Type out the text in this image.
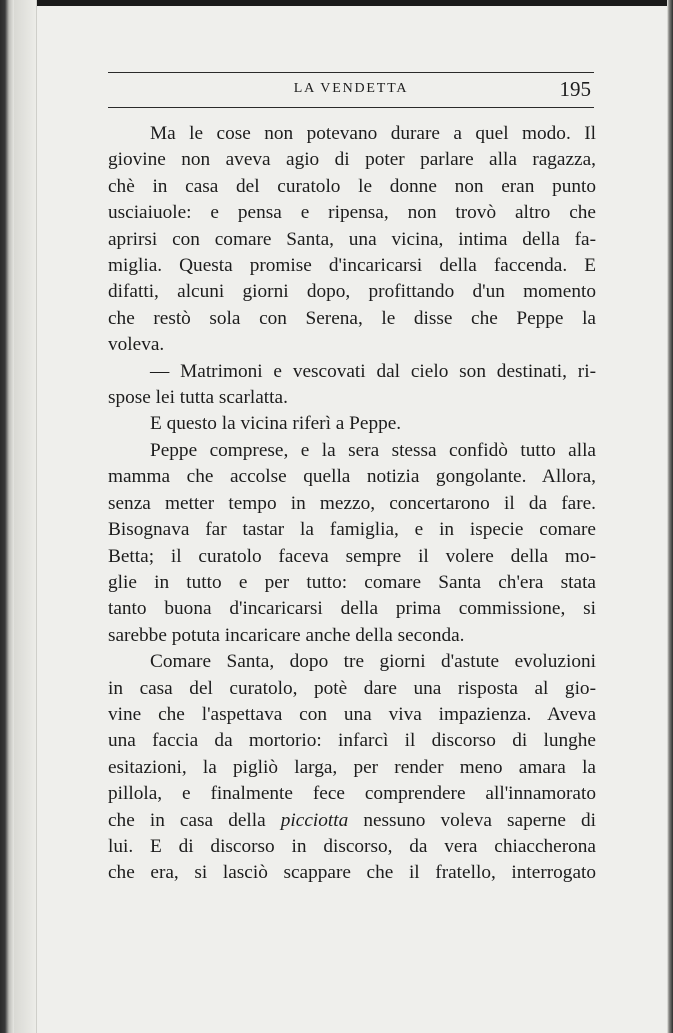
LA VENDETTA	195
Ma le cose non potevano durare a quel modo. Il
giovine non aveva agio di poter parlare alla ragazza,
chè in casa del curatolo le donne non eran punto
usciaiuole: e pensa e ripensa, non trovò altro che
aprirsi con comare Santa, una vicina, intima della fa-
miglia. Questa promise d'incaricarsi della faccenda. E
difatti, alcuni giorni dopo, profittando d'un momento
che restò sola con Serena, le disse che Peppe la
voleva.
— Matrimoni e vescovati dal cielo son destinati, ri-
spose lei tutta scarlatta.
E questo la vicina riferì a Peppe.
Peppe comprese, e la sera stessa confidò tutto alla
mamma che accolse quella notizia gongolante. Allora,
senza metter tempo in mezzo, concertarono il da fare.
Bisognava far tastar la famiglia, e in ispecie comare
Betta; il curatolo faceva sempre il volere della mo-
glie in tutto e per tutto: comare Santa ch'era stata
tanto buona d'incaricarsi della prima commissione, si
sarebbe potuta incaricare anche della seconda.
Comare Santa, dopo tre giorni d'astute evoluzioni
in casa del curatolo, potè dare una risposta al gio-
vine che l'aspettava con una viva impazienza. Aveva
una faccia da mortorio: infarcì il discorso di lunghe
esitazioni, la pigliò larga, per render meno amara la
pillola, e finalmente fece comprendere all'innamorato
che in casa della picciotta nessuno voleva saperne di
lui. E di discorso in discorso, da vera chiaccherona
che era, si lasciò scappare che il fratello, interrogato
